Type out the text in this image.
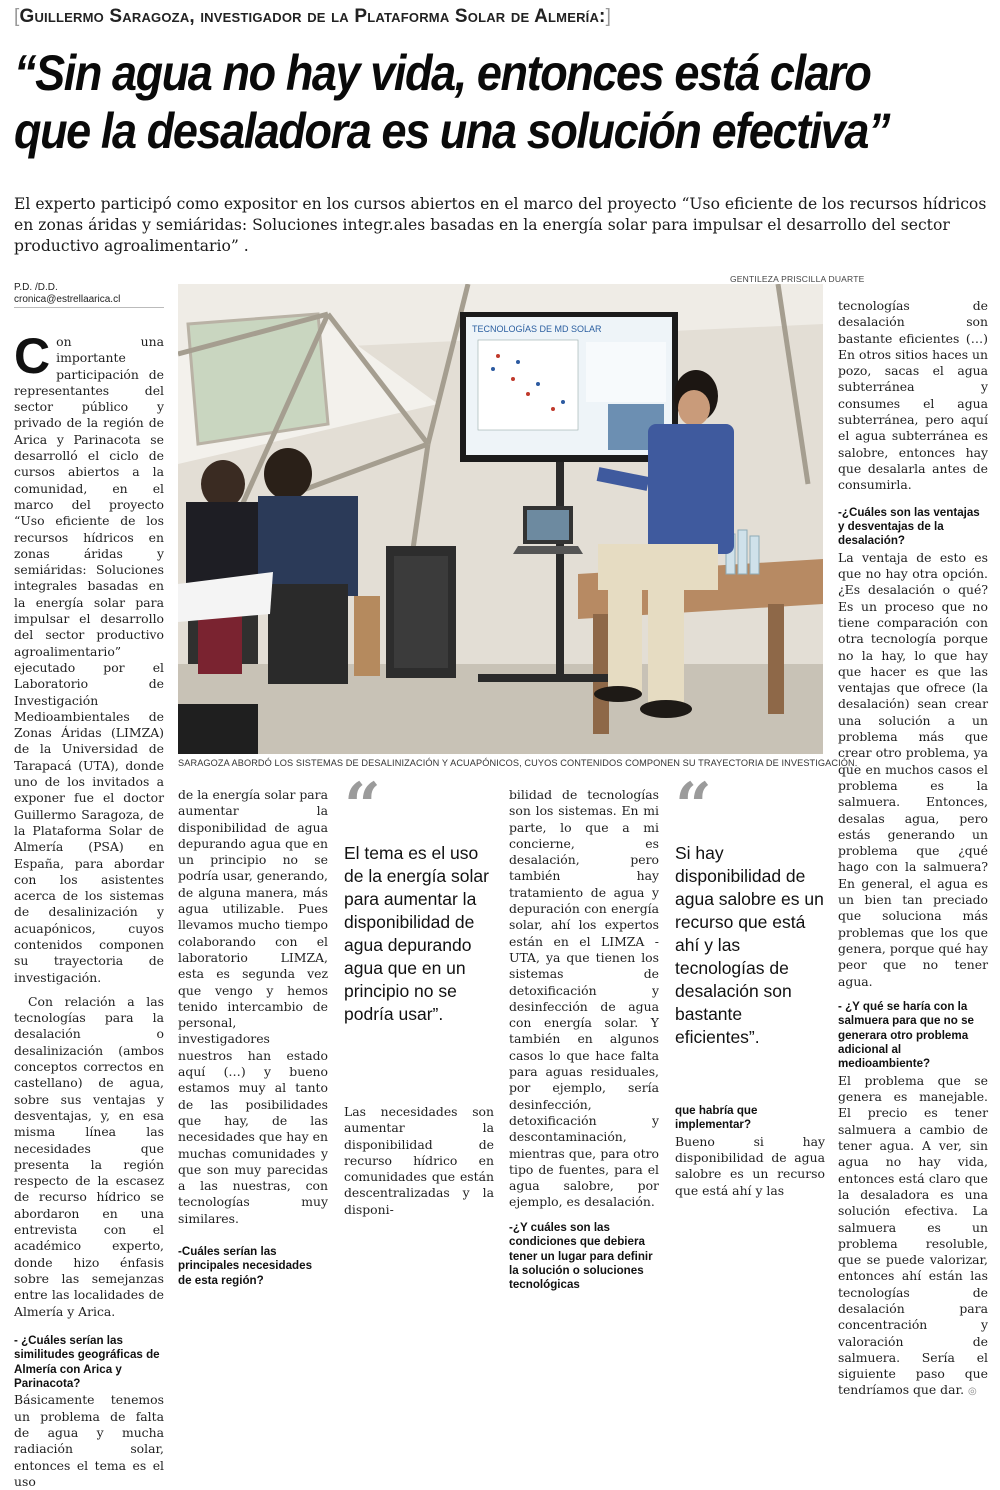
[Guillermo Saragoza, investigador de la Plataforma Solar de Almería:]
“Sin agua no hay vida, entonces está claro
que la desaladora es una solución efectiva”
El experto participó como expositor en los cursos abiertos en el marco del proyecto “Uso eficiente de los recursos hídricos en zonas áridas y semiáridas: Soluciones integr.ales basadas en la energía solar para impulsar el desarrollo del sector productivo agroalimentario” .
P.D. /D.D.
cronica@estrellaarica.cl
GENTILEZA PRISCILLA DUARTE
TECNOLOGÍAS DE MD SOLAR
SARAGOZA ABORDÓ LOS SISTEMAS DE DESALINIZACIÓN Y ACUAPÓNICOS, CUYOS CONTENIDOS COMPONEN SU TRAYECTORIA DE INVESTIGACIÓN.

Con una importante participación de representantes del sector público y privado de la región de Arica y Parinacota se desarrolló el ciclo de cursos abiertos a la comunidad, en el marco del proyecto “Uso eficiente de los recursos hídricos en zonas áridas y semiáridas: Soluciones integrales basadas en la energía solar para impulsar el desarrollo del sector productivo agroalimentario” ejecutado por el Laboratorio de Investigación Medioambientales de Zonas Áridas (LIMZA) de la Universidad de Tarapacá (UTA), donde uno de los invitados a exponer fue el doctor Guillermo Saragoza, de la Plataforma Solar de Almería (PSA) en España, para abordar con los asistentes acerca de los sistemas de desalinización y acuapónicos, cuyos contenidos componen su trayectoria de investigación.

Con relación a las tecnologías para la desalación o desalinización (ambos conceptos correctos en castellano) de agua, sobre sus ventajas y desventajas, y, en esa misma línea las necesidades que presenta la región respecto de la escasez de recurso hídrico se abordaron en una entrevista con el académico experto, donde hizo énfasis sobre las semejanzas entre las localidades de Almería y Arica.

- ¿Cuáles serían las similitudes geográficas de Almería con Arica y Parinacota?

Básicamente tenemos un problema de falta de agua y mucha radiación solar, entonces el tema es el uso

de la energía solar para aumentar la disponibilidad de agua depurando agua que en un principio no se podría usar, generando, de alguna manera, más agua utilizable. Pues llevamos mucho tiempo colaborando con el laboratorio LIMZA, esta es segunda vez que vengo y hemos tenido intercambio de personal, investigadores nuestros han estado aquí (…) y bueno estamos muy al tanto de las posibilidades que hay, de las necesidades que hay en muchas comunidades y que son muy parecidas a las nuestras, con tecnologías muy similares.

-Cuáles serían las principales necesidades de esta región?
“
El tema es el uso de la energía solar para aumentar la disponibilidad de agua depurando agua que en un principio no se podría usar”.

Las necesidades son aumentar la disponibilidad de recurso hídrico en comunidades que están descentralizadas y la disponi-

bilidad de tecnologías son los sistemas. En mi parte, lo que a mi concierne, es desalación, pero también hay tratamiento de agua y depuración con energía solar, ahí los expertos están en el LIMZA - UTA, ya que tienen los sistemas de detoxificación y desinfección de agua con energía solar. Y también en algunos casos lo que hace falta para aguas residuales, por ejemplo, sería desinfección, detoxificación y descontaminación, mientras que, para otro tipo de fuentes, para el agua salobre, por ejemplo, es desalación.

-¿Y cuáles son las condiciones que debiera tener un lugar para definir la solución o soluciones tecnológicas
“
Si hay disponibilidad de agua salobre es un recurso que está ahí y las tecnologías de desalación son bastante eficientes”.
que habría que implementar?

Bueno si hay disponibilidad de agua salobre es un recurso que está ahí y las

tecnologías de desalación son bastante eficientes (…) En otros sitios haces un pozo, sacas el agua subterránea y consumes el agua subterránea, pero aquí el agua subterránea es salobre, entonces hay que desalarla antes de consumirla.

-¿Cuáles son las ventajas y desventajas de la desalación?

La ventaja de esto es que no hay otra opción. ¿Es desalación o qué? Es un proceso que no tiene comparación con otra tecnología porque no la hay, lo que hay que hacer es que las ventajas que ofrece (la desalación) sean crear una solución a un problema más que crear otro problema, ya que en muchos casos el problema es la salmuera. Entonces, desalas agua, pero estás generando un problema que ¿qué hago con la salmuera? En general, el agua es un bien tan preciado que soluciona más problemas que los que genera, porque qué hay peor que no tener agua.

- ¿Y qué se haría con la salmuera para que no se generara otro problema adicional al medioambiente?

El problema que se genera es manejable. El precio es tener salmuera a cambio de tener agua. A ver, sin agua no hay vida, entonces está claro que la desaladora es una solución efectiva. La salmuera es un problema resoluble, que se puede valorizar, entonces ahí están las tecnologías de desalación para concentración y valoración de salmuera. Sería el siguiente paso que tendríamos que dar. ◎
